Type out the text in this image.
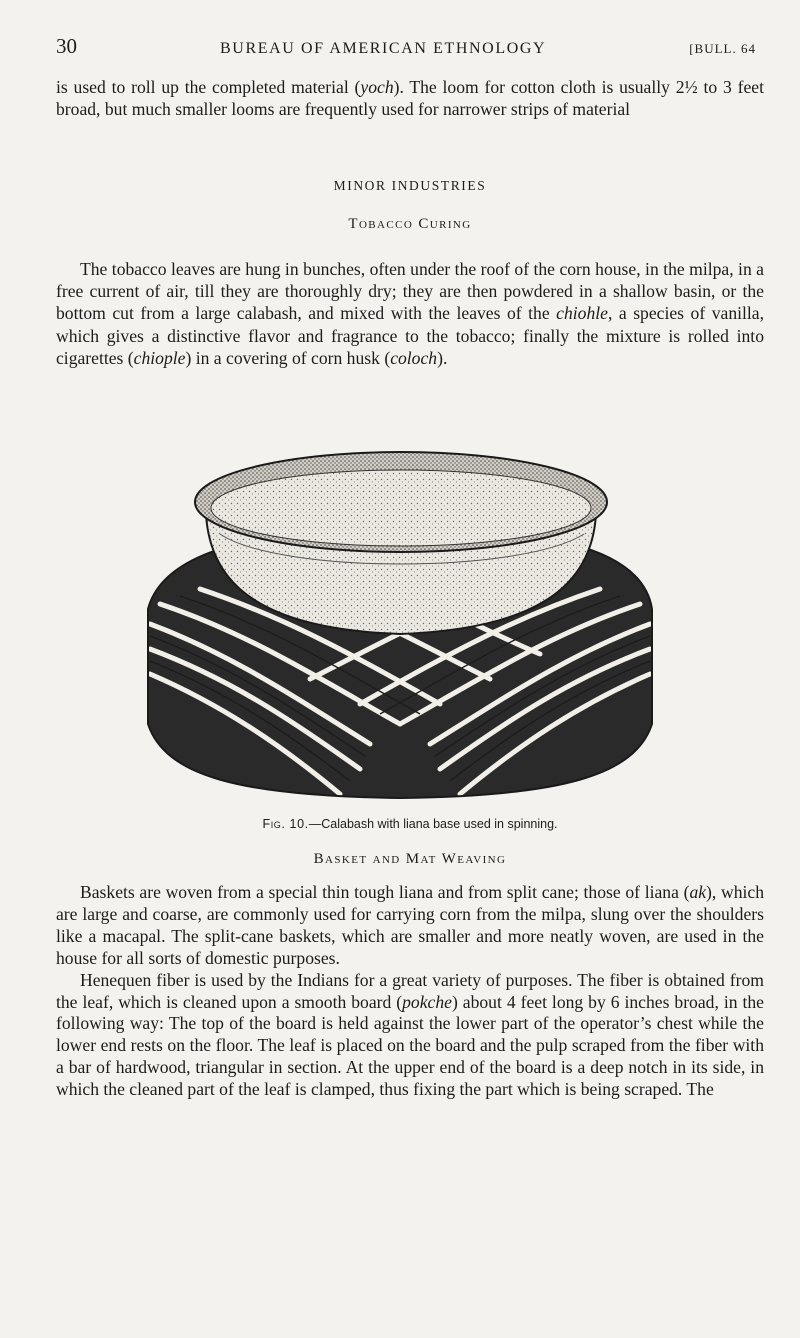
30	BUREAU OF AMERICAN ETHNOLOGY	[BULL. 64

is used to roll up the completed material (yoch). The loom for cotton cloth is usually 2½ to 3 feet broad, but much smaller looms are frequently used for narrower strips of material

MINOR INDUSTRIES
Tobacco Curing
Basket and Mat Weaving
Fig. 10.—Calabash with liana base used in spinning.

The tobacco leaves are hung in bunches, often under the roof of the corn house, in the milpa, in a free current of air, till they are thoroughly dry; they are then powdered in a shallow basin, or the bottom cut from a large calabash, and mixed with the leaves of the chiohle, a species of vanilla, which gives a distinctive flavor and fragrance to the tobacco; finally the mixture is rolled into cigarettes (chiople) in a covering of corn husk (coloch).

Baskets are woven from a special thin tough liana and from split cane; those of liana (ak), which are large and coarse, are commonly used for carrying corn from the milpa, slung over the shoulders like a macapal. The split-cane baskets, which are smaller and more neatly woven, are used in the house for all sorts of domestic purposes.

Henequen fiber is used by the Indians for a great variety of purposes. The fiber is obtained from the leaf, which is cleaned upon a smooth board (pokche) about 4 feet long by 6 inches broad, in the following way: The top of the board is held against the lower part of the operator’s chest while the lower end rests on the floor. The leaf is placed on the board and the pulp scraped from the fiber with a bar of hardwood, triangular in section. At the upper end of the board is a deep notch in its side, in which the cleaned part of the leaf is clamped, thus fixing the part which is being scraped. The
